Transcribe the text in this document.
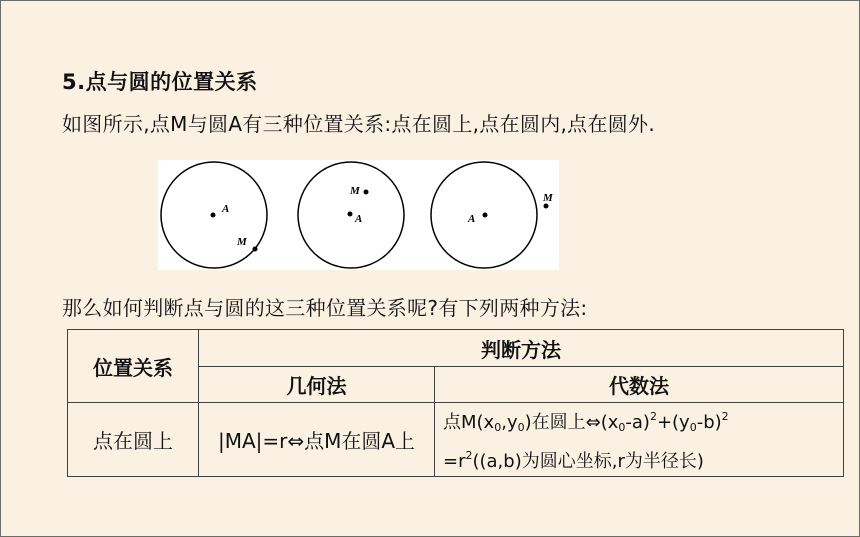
5.点与圆的位置关系
如图所示,点M与圆A有三种位置关系:点在圆上,点在圆内,点在圆外.
A
M
A
M
A
M
那么如何判断点与圆的这三种位置关系呢?有下列两种方法:
位置关系	判断方法	
	几何法	代数法
点在圆上	|MA|=r⇔点M在圆A上	点$M(x_0,y_0)$在圆上$\Leftrightarrow(x_0-a)^2+(y_0-b)^2$
$=r^2((a,b)$为圆心坐标,r为半径长)
